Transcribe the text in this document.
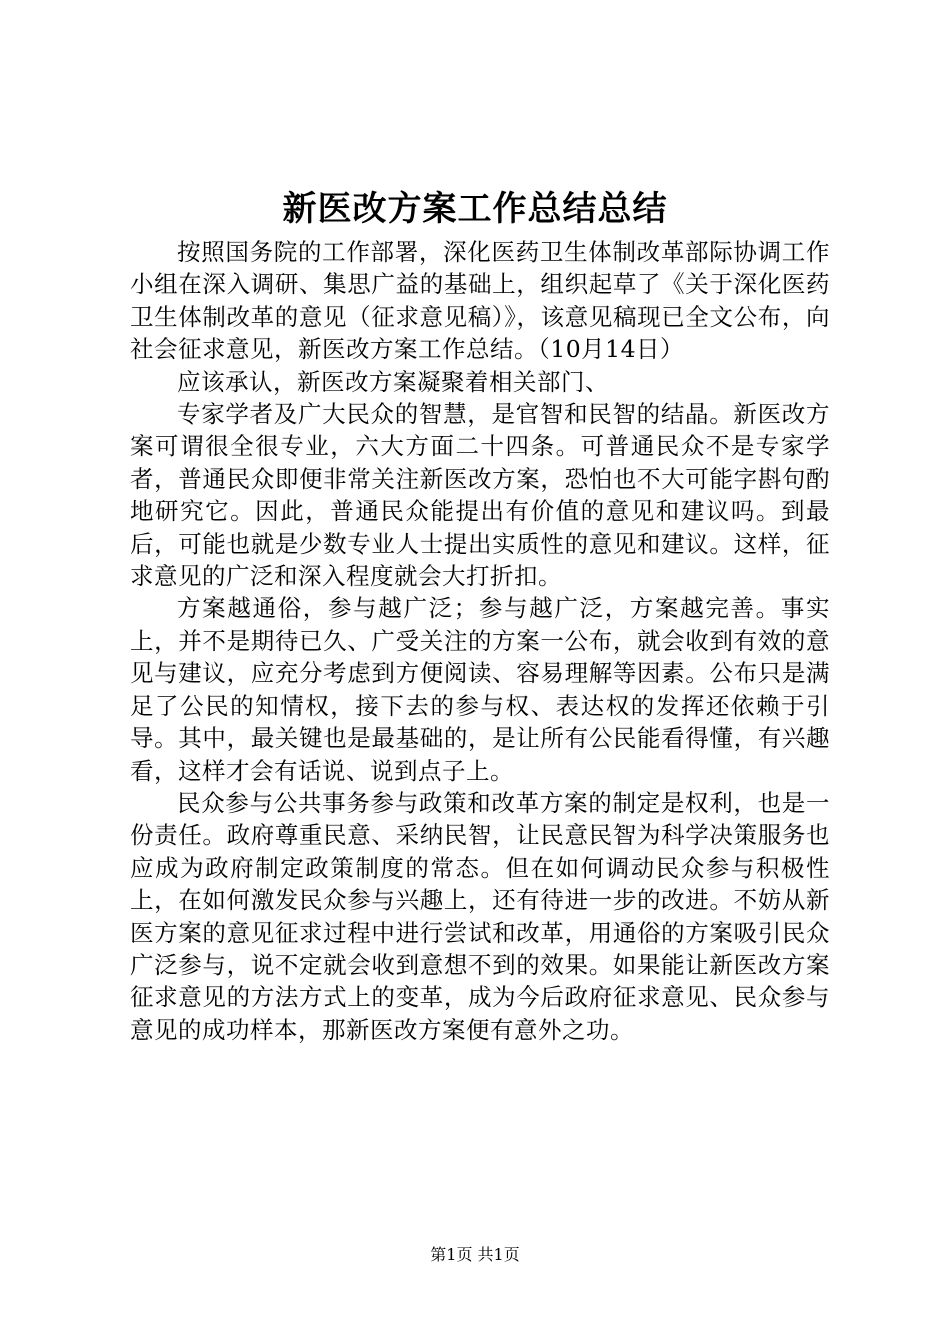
新医改方案工作总结总结

按照国务院的工作部署，深化医药卫生体制改革部际协调工作小组在深入调研、集思广益的基础上，组织起草了《关于深化医药卫生体制改革的意见（征求意见稿）》，该意见稿现已全文公布，向社会征求意见，新医改方案工作总结。（10月14日）

应该承认，新医改方案凝聚着相关部门、

专家学者及广大民众的智慧，是官智和民智的结晶。新医改方案可谓很全很专业，六大方面二十四条。可普通民众不是专家学者，普通民众即便非常关注新医改方案，恐怕也不大可能字斟句酌地研究它。因此，普通民众能提出有价值的意见和建议吗。到最后，可能也就是少数专业人士提出实质性的意见和建议。这样，征求意见的广泛和深入程度就会大打折扣。

方案越通俗，参与越广泛；参与越广泛，方案越完善。事实上，并不是期待已久、广受关注的方案一公布，就会收到有效的意见与建议，应充分考虑到方便阅读、容易理解等因素。公布只是满足了公民的知情权，接下去的参与权、表达权的发挥还依赖于引导。其中，最关键也是最基础的，是让所有公民能看得懂，有兴趣看，这样才会有话说、说到点子上。

民众参与公共事务参与政策和改革方案的制定是权利，也是一份责任。政府尊重民意、采纳民智，让民意民智为科学决策服务也应成为政府制定政策制度的常态。但在如何调动民众参与积极性上，在如何激发民众参与兴趣上，还有待进一步的改进。不妨从新医方案的意见征求过程中进行尝试和改革，用通俗的方案吸引民众广泛参与，说不定就会收到意想不到的效果。如果能让新医改方案征求意见的方法方式上的变革，成为今后政府征求意见、民众参与意见的成功样本，那新医改方案便有意外之功。

第1页 共1页
